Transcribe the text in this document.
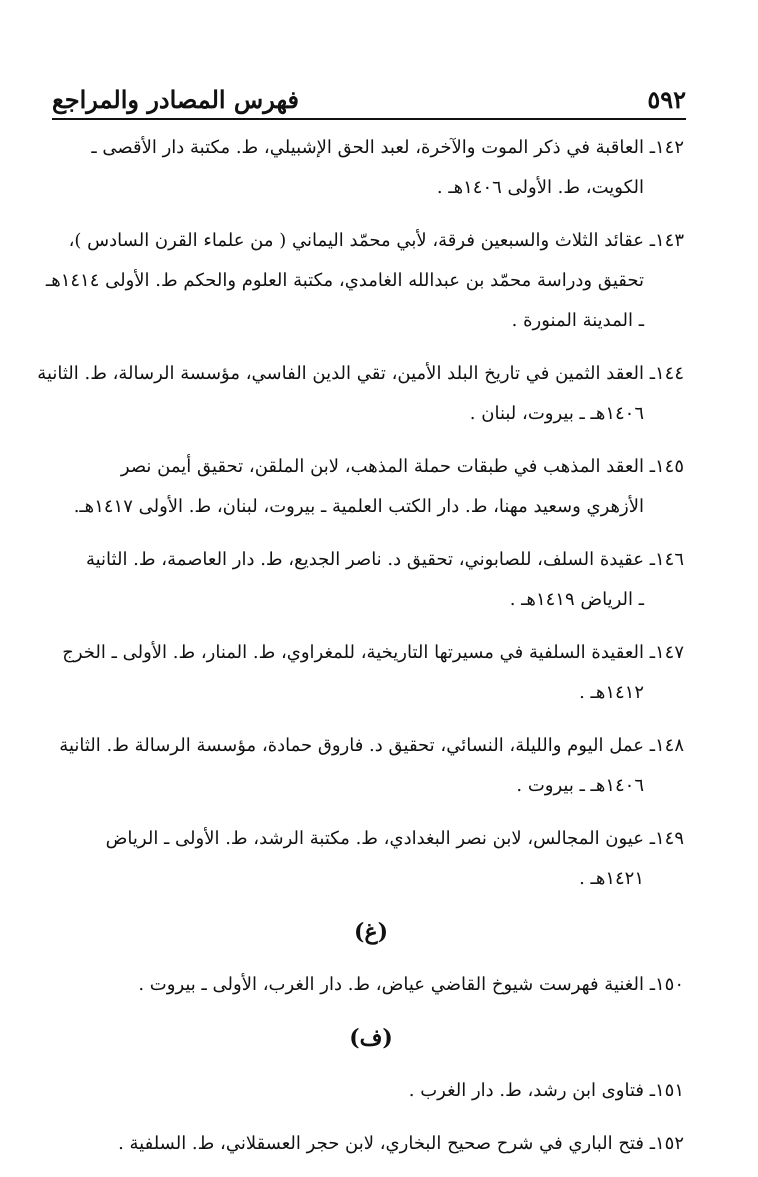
٥٩٢
فهرس المصادر والمراجع
١٤٢ـ العاقبة في ذكر الموت والآخرة، لعبد الحق الإشبيلي، ط. مكتبة دار الأقصى ـ
الكويت، ط. الأولى ١٤٠٦هـ .
١٤٣ـ عقائد الثلاث والسبعين فرقة، لأبي محمّد اليماني ( من علماء القرن السادس )،
تحقيق ودراسة محمّد بن عبدالله الغامدي، مكتبة العلوم والحكم ط. الأولى ١٤١٤هـ
ـ المدينة المنورة .
١٤٤ـ العقد الثمين في تاريخ البلد الأمين، تقي الدين الفاسي، مؤسسة الرسالة، ط. الثانية
١٤٠٦هـ ـ بيروت، لبنان .
١٤٥ـ العقد المذهب في طبقات حملة المذهب، لابن الملقن، تحقيق أيمن نصر
الأزهري وسعيد مهنا، ط. دار الكتب العلمية ـ بيروت، لبنان، ط. الأولى ١٤١٧هـ.
١٤٦ـ عقيدة السلف، للصابوني، تحقيق د. ناصر الجديع، ط. دار العاصمة، ط. الثانية
ـ الرياض ١٤١٩هـ .
١٤٧ـ العقيدة السلفية في مسيرتها التاريخية، للمغراوي، ط. المنار، ط. الأولى ـ الخرج
١٤١٢هـ .
١٤٨ـ عمل اليوم والليلة، النسائي، تحقيق د. فاروق حمادة، مؤسسة الرسالة ط. الثانية
١٤٠٦هـ ـ بيروت .
١٤٩ـ عيون المجالس، لابن نصر البغدادي، ط. مكتبة الرشد، ط. الأولى ـ الرياض
١٤٢١هـ .
(غ)
١٥٠ـ الغنية فهرست شيوخ القاضي عياض، ط. دار الغرب، الأولى ـ بيروت .
(ف)
١٥١ـ فتاوى ابن رشد، ط. دار الغرب .
١٥٢ـ فتح الباري في شرح صحيح البخاري، لابن حجر العسقلاني، ط. السلفية .
